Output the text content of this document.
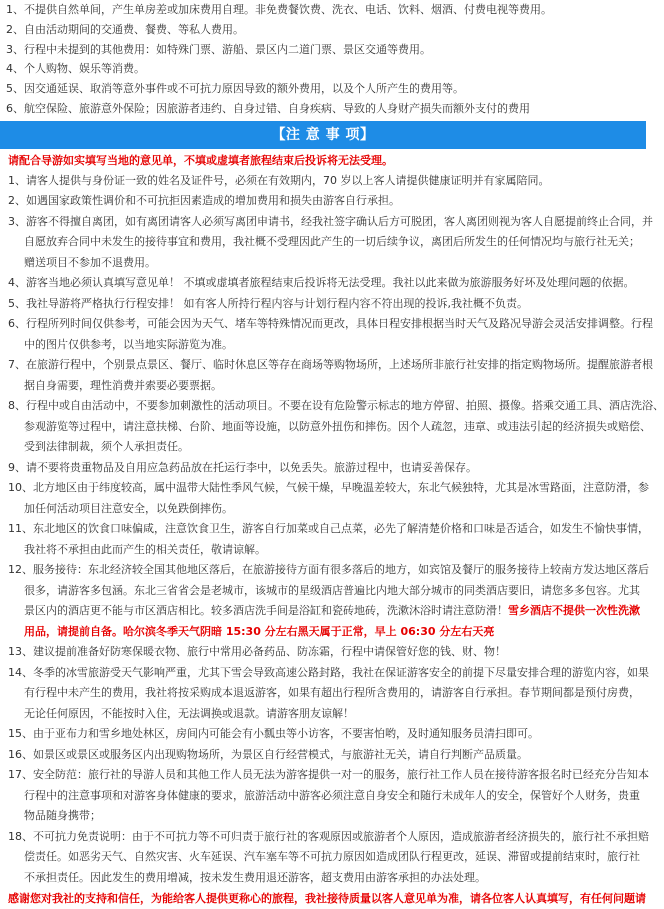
1、不提供自然单间，产生单房差或加床费用自理。非免费餐饮费、洗衣、电话、饮料、烟酒、付费电视等费用。
2、自由活动期间的交通费、餐费、等私人费用。
3、行程中未提到的其他费用：如特殊门票、游船、景区内二道门票、景区交通等费用。
4、个人购物、娱乐等消费。
5、因交通延误、取消等意外事件或不可抗力原因导致的额外费用，以及个人所产生的费用等。
6、航空保险、旅游意外保险；因旅游者违约、自身过错、自身疾病、导致的人身财产损失而额外支付的费用
【注 意 事 项】
请配合导游如实填写当地的意见单，不填或虚填者旅程结束后投诉将无法受理。
1、请客人提供与身份证一致的姓名及证件号，必须在有效期内，70 岁以上客人请提供健康证明并有家属陪同。
2、如遇国家政策性调价和不可抗拒因素造成的增加费用和损失由游客自行承担。
3、游客不得擅自离团，如有离团请客人必须写离团申请书，经我社签字确认后方可脱团，客人离团则视为客人自愿提前终止合同，并
自愿放弃合同中未发生的接待事宜和费用，我社概不受理因此产生的一切后续争议，离团后所发生的任何情况均与旅行社无关；
赠送项目不参加不退费用。
4、游客当地必须认真填写意见单！ 不填或虚填者旅程结束后投诉将无法受理。我社以此来做为旅游服务好坏及处理问题的依据。
5、我社导游将严格执行行程安排！ 如有客人所持行程内容与计划行程内容不符出现的投诉,我社概不负责。
6、行程所列时间仅供参考，可能会因为天气、堵车等特殊情况而更改，具体日程安排根据当时天气及路况导游会灵活安排调整。行程
中的图片仅供参考，以当地实际游览为准。
7、在旅游行程中，个别景点景区、餐厅、临时休息区等存在商场等购物场所，上述场所非旅行社安排的指定购物场所。提醒旅游者根
据自身需要，理性消费并索要必要票据。
8、行程中或自由活动中，不要参加刺激性的活动项目。不要在设有危险警示标志的地方停留、拍照、摄像。搭乘交通工具、酒店洗浴、
参观游览等过程中，请注意扶梯、台阶、地面等设施，以防意外扭伤和摔伤。因个人疏忽，违章、或违法引起的经济损失或赔偿、
受到法律制裁，须个人承担责任。
9、请不要将贵重物品及自用应急药品放在托运行李中，以免丢失。旅游过程中，也请妥善保存。
10、北方地区由于纬度较高，属中温带大陆性季风气候，气候干燥，早晚温差较大，东北气候独特，尤其是冰雪路面，注意防滑，参
加任何活动项目注意安全，以免跌倒摔伤。
11、东北地区的饮食口味偏咸，注意饮食卫生，游客自行加菜或自己点菜，必先了解清楚价格和口味是否适合，如发生不愉快事情，
我社将不承担由此而产生的相关责任，敬请谅解。
12、服务接待：东北经济较全国其他地区落后，在旅游接待方面有很多落后的地方，如宾馆及餐厅的服务接待上较南方发达地区落后
很多，请游客多包涵。东北三省省会是老城市，该城市的星级酒店普遍比内地大部分城市的同类酒店要旧，请您多多包容。尤其
景区内的酒店更不能与市区酒店相比。较多酒店洗手间是浴缸和瓷砖地砖，洗漱沐浴时请注意防滑！雪乡酒店不提供一次性洗漱
用品，请提前自备。哈尔滨冬季天气阴暗 15:30 分左右黑天属于正常，早上 06:30 分左右天亮
13、建议提前准备好防寒保暖衣物、旅行中常用必备药品、防冻霜，行程中请保管好您的钱、财、物！
14、冬季的冰雪旅游受天气影响严重，尤其下雪会导致高速公路封路，我社在保证游客安全的前提下尽量安排合理的游览内容，如果
有行程中未产生的费用，我社将按采购成本退返游客，如果有超出行程所含费用的，请游客自行承担。春节期间都是预付房费，
无论任何原因，不能按时入住，无法调换或退款。请游客朋友谅解！
15、由于亚布力和雪乡地处林区，房间内可能会有小瓢虫等小访客，不要害怕哟，及时通知服务员清扫即可。
16、如景区或景区或服务区内出现购物场所，为景区自行经营模式，与旅游社无关，请自行判断产品质量。
17、安全防范：旅行社的导游人员和其他工作人员无法为游客提供一对一的服务，旅行社工作人员在接待游客报名时已经充分告知本
行程中的注意事项和对游客身体健康的要求，旅游活动中游客必须注意自身安全和随行未成年人的安全，保管好个人财务，贵重
物品随身携带；
18、不可抗力免责说明：由于不可抗力等不可归责于旅行社的客观原因或旅游者个人原因，造成旅游者经济损失的，旅行社不承担赔
偿责任。如恶劣天气、自然灾害、火车延误、汽车塞车等不可抗力原因如造成团队行程更改，延误、滞留或提前结束时，旅行社
不承担责任。因此发生的费用增减，按未发生费用退还游客，超支费用由游客承担的办法处理。
感谢您对我社的支持和信任，为能给客人提供更称心的旅程，我社接待质量以客人意见单为准，请各位客人认真填写，有任何问题请
